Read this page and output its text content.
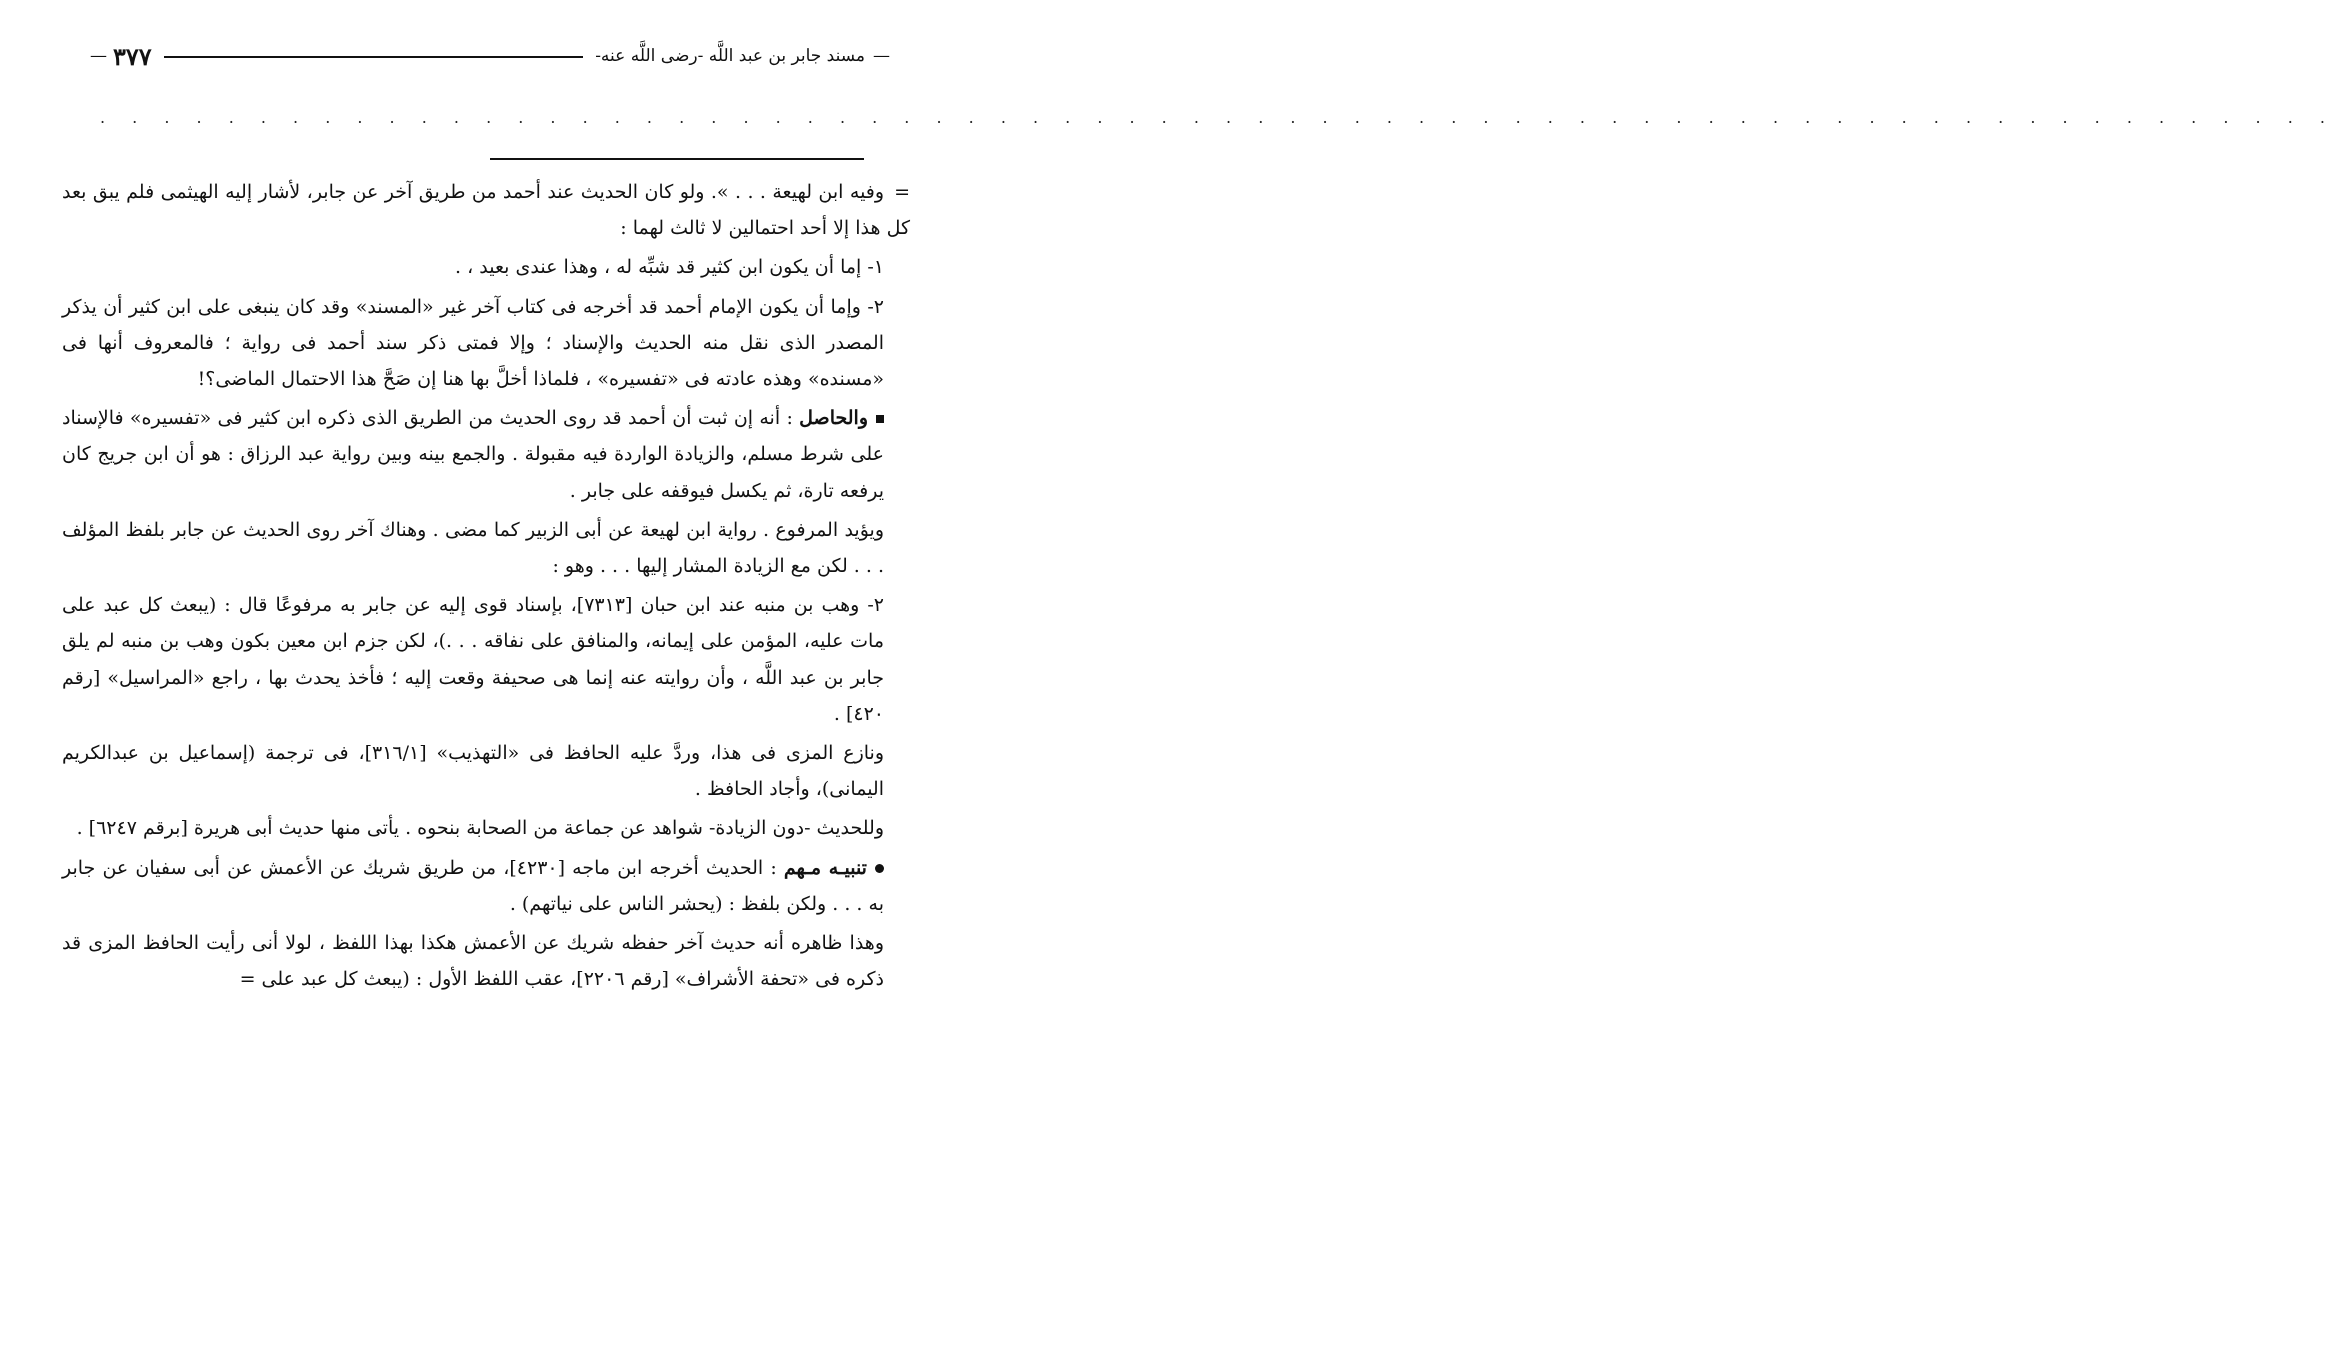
—
مسند جابر بن عبد اللَّه -رضى اللَّه عنه-
٣٧٧
—
. . . . . . . . . . . . . . . . . . . . . . . . . . . . . . . . . . . . . . . . . . . . . . . . . . . . . . . . . . . . . . . . . . . . . .

=وفيه ابن لهيعة . . . ». ولو كان الحديث عند أحمد من طريق آخر عن جابر، لأشار إليه الهيثمى فلم يبق بعد كل هذا إلا أحد احتمالين لا ثالث لهما :

١- إما أن يكون ابن كثير قد شبِّه له ، وهذا عندى بعيد ، .

٢- وإما أن يكون الإمام أحمد قد أخرجه فى كتاب آخر غير «المسند» وقد كان ينبغى على ابن كثير أن يذكر المصدر الذى نقل منه الحديث والإسناد ؛ وإلا فمتى ذكر سند أحمد فى رواية ؛ فالمعروف أنها فى «مسنده» وهذه عادته فى «تفسيره» ، فلماذا أخلَّ بها هنا إن صَحَّ هذا الاحتمال الماضى؟!

والحاصل : أنه إن ثبت أن أحمد قد روى الحديث من الطريق الذى ذكره ابن كثير فى «تفسيره» فالإسناد على شرط مسلم، والزيادة الواردة فيه مقبولة . والجمع بينه وبين رواية عبد الرزاق : هو أن ابن جريج كان يرفعه تارة، ثم يكسل فيوقفه على جابر .

ويؤيد المرفوع . رواية ابن لهيعة عن أبى الزبير كما مضى . وهناك آخر روى الحديث عن جابر بلفظ المؤلف . . . لكن مع الزيادة المشار إليها . . . وهو :

٢- وهب بن منبه عند ابن حبان [٧٣١٣]، بإسناد قوى إليه عن جابر به مرفوعًا قال : (يبعث كل عبد على مات عليه، المؤمن على إيمانه، والمنافق على نفاقه . . .)، لكن جزم ابن معين بكون وهب بن منبه لم يلق جابر بن عبد اللَّه ، وأن روايته عنه إنما هى صحيفة وقعت إليه ؛ فأخذ يحدث بها ، راجع «المراسيل» [رقم ٤٢٠] .

ونازع المزى فى هذا، وردَّ عليه الحافظ فى «التهذيب» [٣١٦/١]، فى ترجمة (إسماعيل بن عبدالكريم اليمانى)، وأجاد الحافظ .

وللحديث -دون الزيادة- شواهد عن جماعة من الصحابة بنحوه . يأتى منها حديث أبى هريرة [برقم ٦٢٤٧] .

تنبيـه مـهم : الحديث أخرجه ابن ماجه [٤٢٣٠]، من طريق شريك عن الأعمش عن أبى سفيان عن جابر به . . . ولكن بلفظ : (يحشر الناس على نياتهم) .

وهذا ظاهره أنه حديث آخر حفظه شريك عن الأعمش هكذا بهذا اللفظ ، لولا أنى رأيت الحافظ المزى قد ذكره فى «تحفة الأشراف» [رقم ٢٢٠٦]، عقب اللفظ الأول : (يبعث كل عبد على =
